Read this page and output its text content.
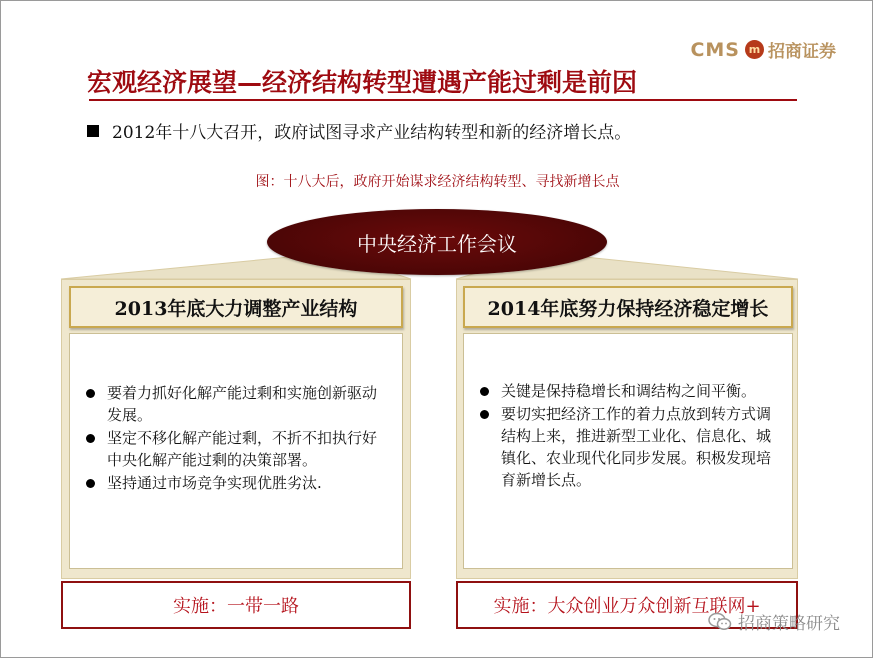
CMS m 招商证券
宏观经济展望—经济结构转型遭遇产能过剩是前因
2012年十八大召开，政府试图寻求产业结构转型和新的经济增长点。
图：十八大后，政府开始谋求经济结构转型、寻找新增长点
中央经济工作会议
2013年底大力调整产业结构	2014年底努力保持经济稳定增长
要着力抓好化解产能过剩和实施创新驱动发展。
坚定不移化解产能过剩，不折不扣执行好中央化解产能过剩的决策部署。
坚持通过市场竞争实现优胜劣汰.
关键是保持稳增长和调结构之间平衡。
要切实把经济工作的着力点放到转方式调结构上来，推进新型工业化、信息化、城镇化、农业现代化同步发展。积极发现培育新增长点。
实施：一带一路	实施：大众创业万众创新互联网+
招商策略研究
